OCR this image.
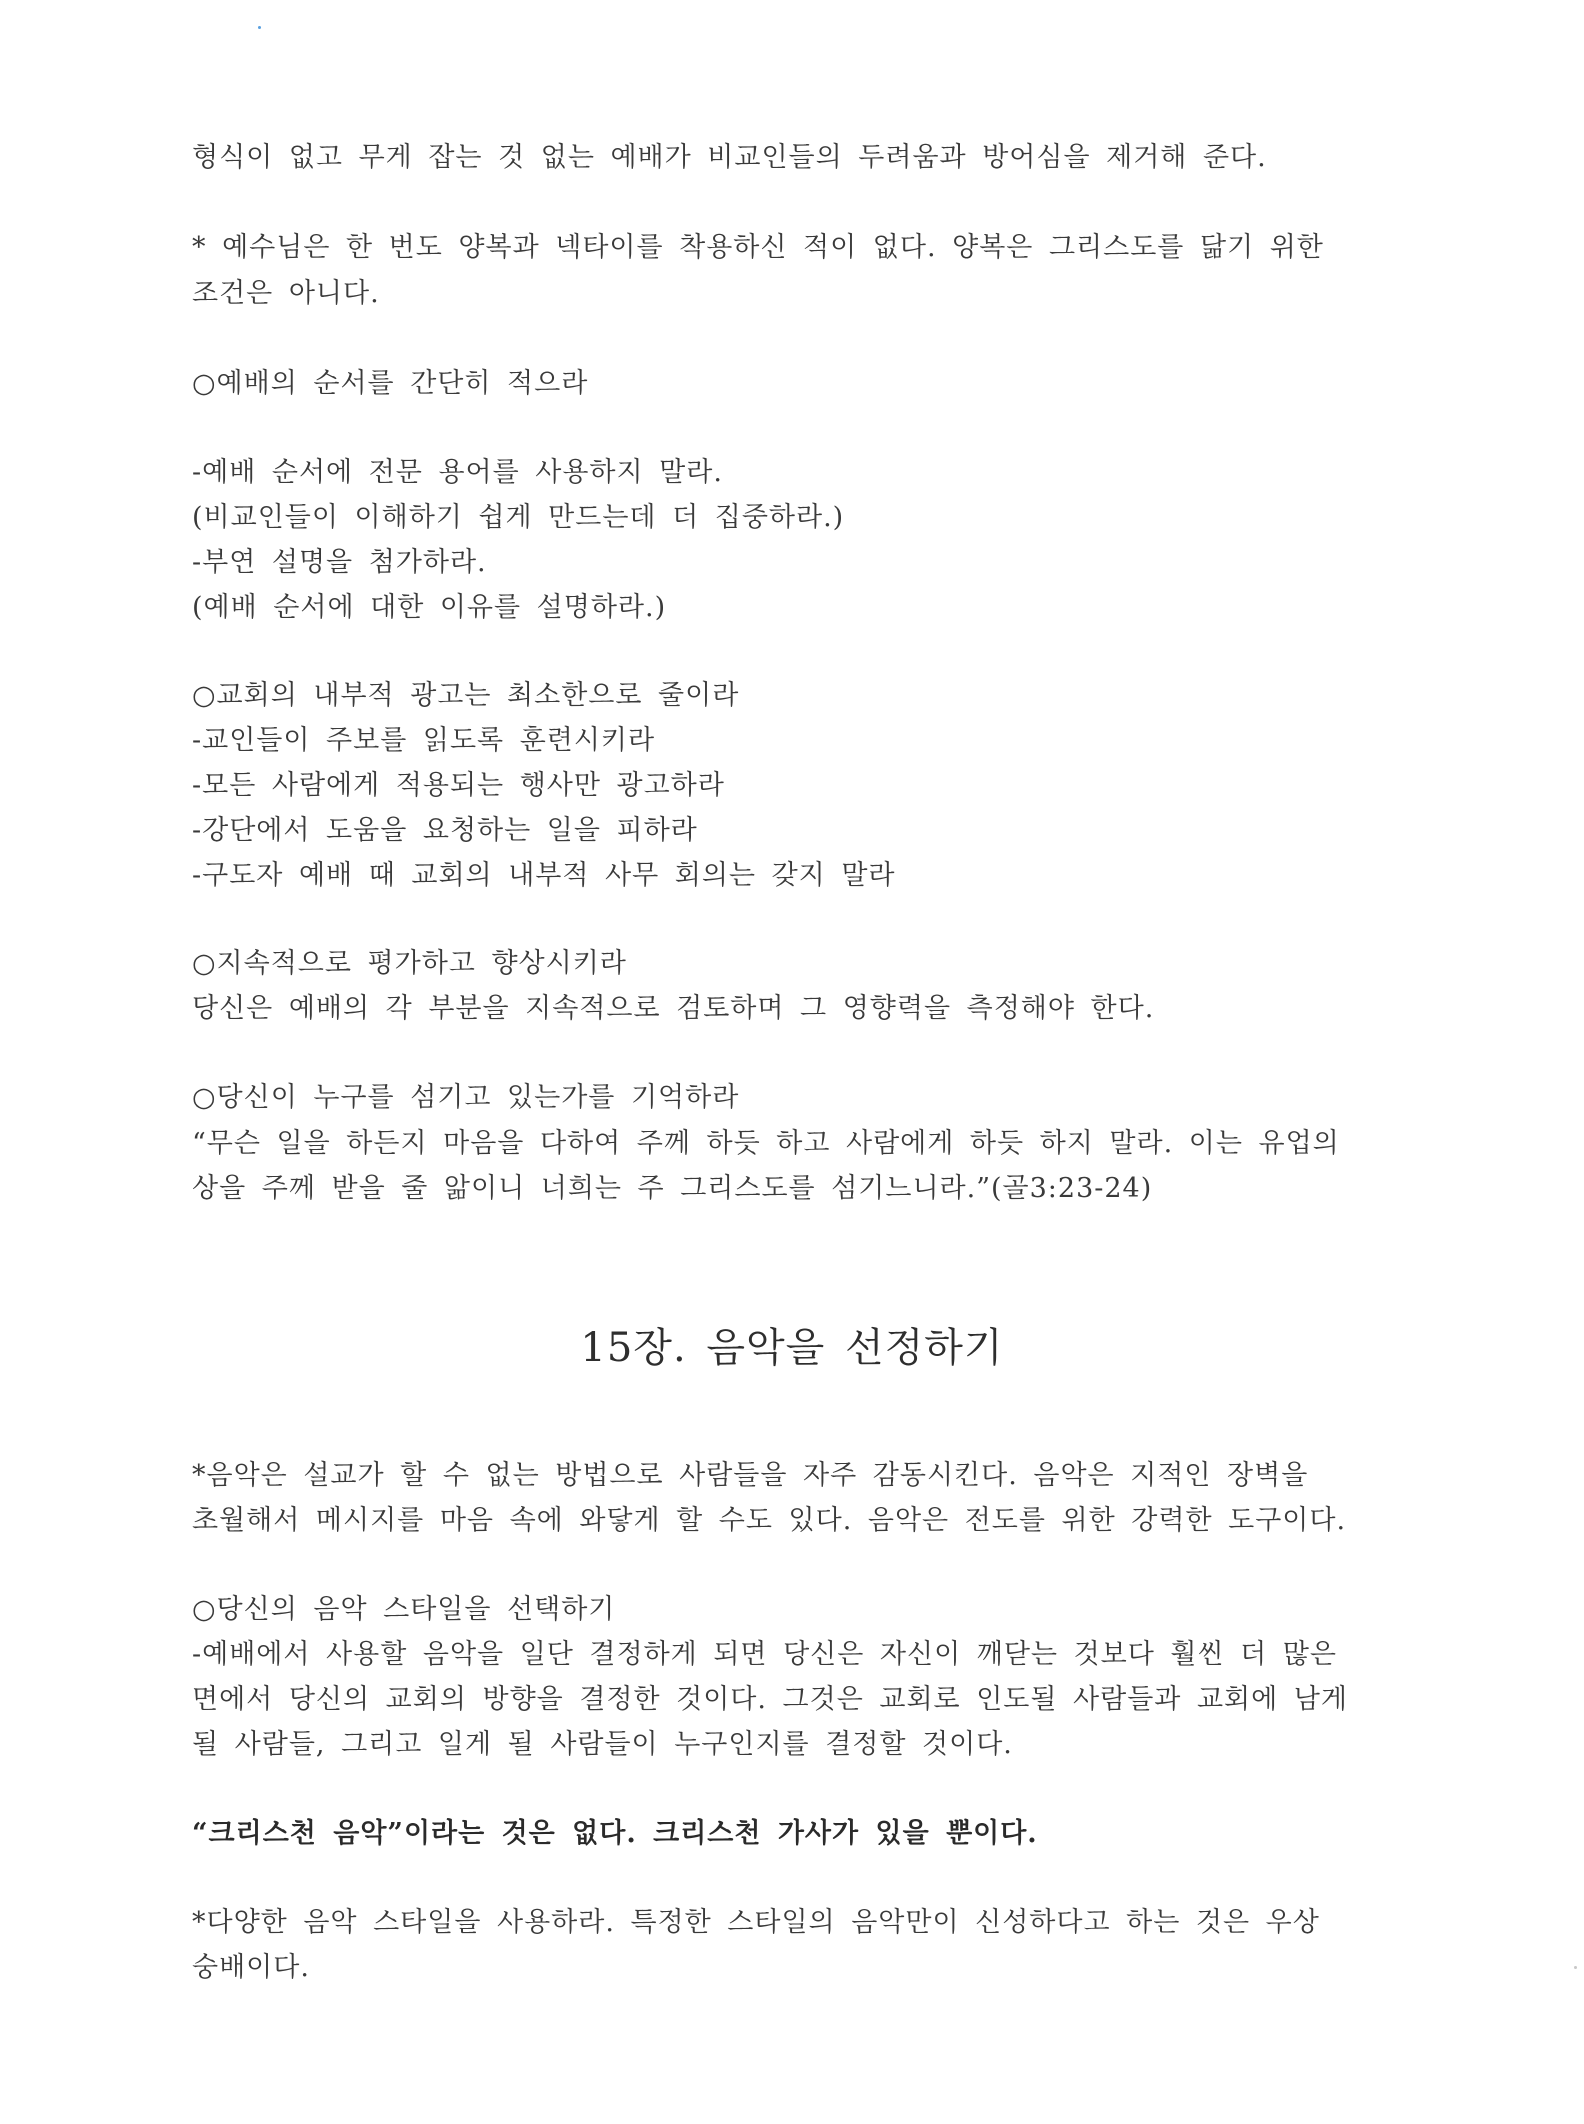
형식이 없고 무게 잡는 것 없는 예배가 비교인들의 두려움과 방어심을 제거해 준다.
* 예수님은 한 번도 양복과 넥타이를 착용하신 적이 없다. 양복은 그리스도를 닮기 위한
조건은 아니다.
○예배의 순서를 간단히 적으라
-예배 순서에 전문 용어를 사용하지 말라.
(비교인들이 이해하기 쉽게 만드는데 더 집중하라.)
-부연 설명을 첨가하라.
(예배 순서에 대한 이유를 설명하라.)
○교회의 내부적 광고는 최소한으로 줄이라
-교인들이 주보를 읽도록 훈련시키라
-모든 사람에게 적용되는 행사만 광고하라
-강단에서 도움을 요청하는 일을 피하라
-구도자 예배 때 교회의 내부적 사무 회의는 갖지 말라
○지속적으로 평가하고 향상시키라
당신은 예배의 각 부분을 지속적으로 검토하며 그 영향력을 측정해야 한다.
○당신이 누구를 섬기고 있는가를 기억하라
“무슨 일을 하든지 마음을 다하여 주께 하듯 하고 사람에게 하듯 하지 말라. 이는 유업의
상을 주께 받을 줄 앎이니 너희는 주 그리스도를 섬기느니라.”(골3:23-24)
15장. 음악을 선정하기
*음악은 설교가 할 수 없는 방법으로 사람들을 자주 감동시킨다. 음악은 지적인 장벽을
초월해서 메시지를 마음 속에 와닿게 할 수도 있다. 음악은 전도를 위한 강력한 도구이다.
○당신의 음악 스타일을 선택하기
-예배에서 사용할 음악을 일단 결정하게 되면 당신은 자신이 깨닫는 것보다 훨씬 더 많은
면에서 당신의 교회의 방향을 결정한 것이다. 그것은 교회로 인도될 사람들과 교회에 남게
될 사람들, 그리고 일게 될 사람들이 누구인지를 결정할 것이다.
“크리스천 음악”이라는 것은 없다. 크리스천 가사가 있을 뿐이다.
*다양한 음악 스타일을 사용하라. 특정한 스타일의 음악만이 신성하다고 하는 것은 우상
숭배이다.
